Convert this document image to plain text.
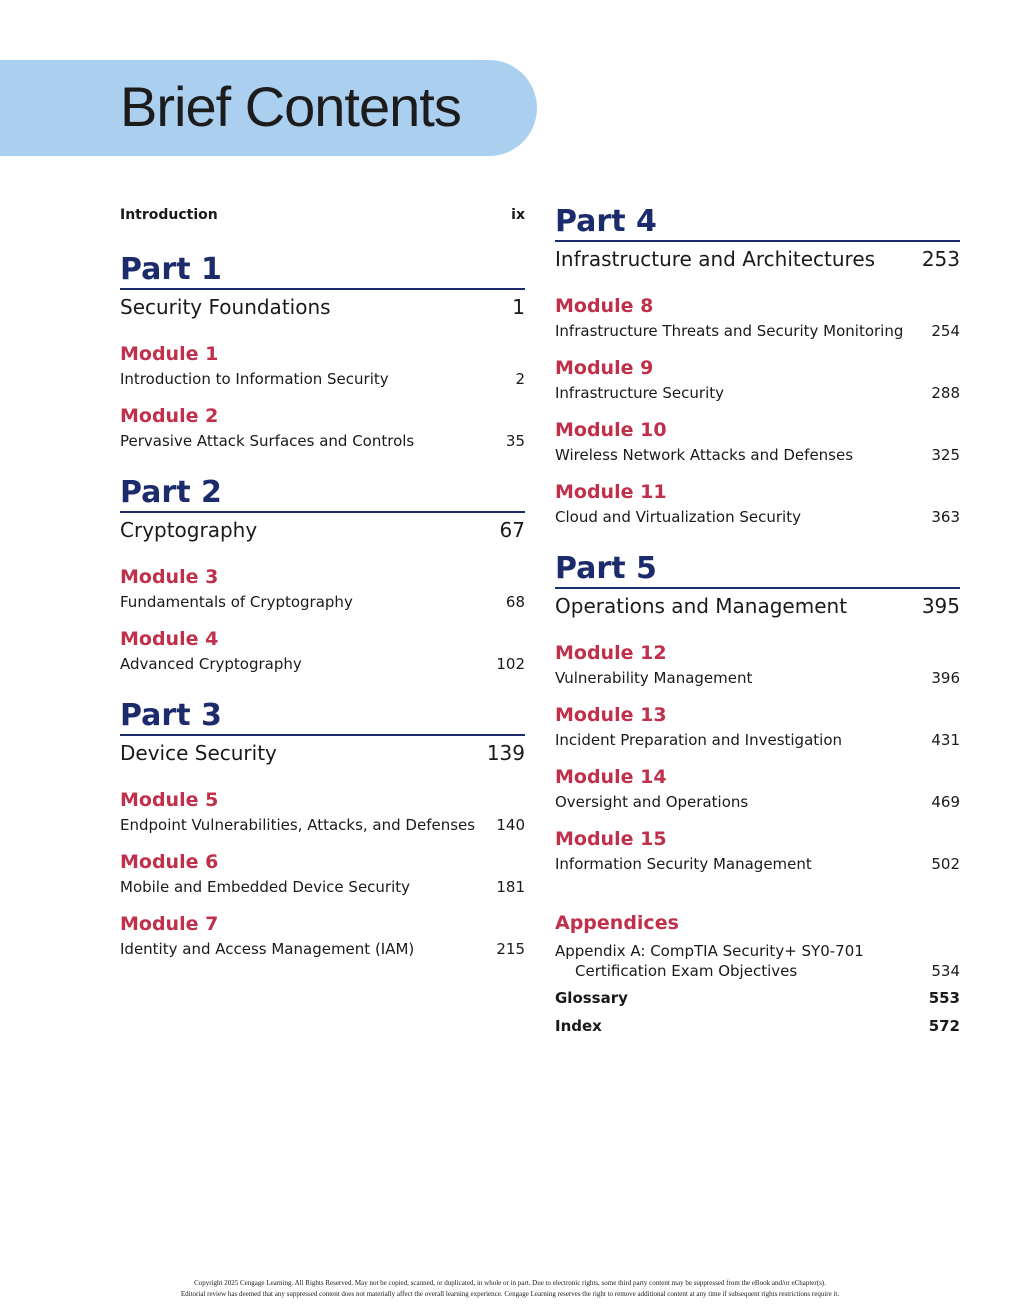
Brief Contents
Introduction	ix
Part 1
Security Foundations	1
Module 1
Introduction to Information Security	2
Module 2
Pervasive Attack Surfaces and Controls	35
Part 2
Cryptography	67
Module 3
Fundamentals of Cryptography	68
Module 4
Advanced Cryptography	102
Part 3
Device Security	139
Module 5
Endpoint Vulnerabilities, Attacks, and Defenses	140
Module 6
Mobile and Embedded Device Security	181
Module 7
Identity and Access Management (IAM)	215
Part 4
Infrastructure and Architectures	253
Module 8
Infrastructure Threats and Security Monitoring	254
Module 9
Infrastructure Security	288
Module 10
Wireless Network Attacks and Defenses	325
Module 11
Cloud and Virtualization Security	363
Part 5
Operations and Management	395
Module 12
Vulnerability Management	396
Module 13
Incident Preparation and Investigation	431
Module 14
Oversight and Operations	469
Module 15
Information Security Management	502
Appendices
Appendix A: CompTIA Security+ SY0-701
Certification Exam Objectives	534
Glossary	553
Index	572
Copyright 2025 Cengage Learning. All Rights Reserved. May not be copied, scanned, or duplicated, in whole or in part. Due to electronic rights, some third party content may be suppressed from the eBook and/or eChapter(s).
Editorial review has deemed that any suppressed content does not materially affect the overall learning experience. Cengage Learning reserves the right to remove additional content at any time if subsequent rights restrictions require it.
